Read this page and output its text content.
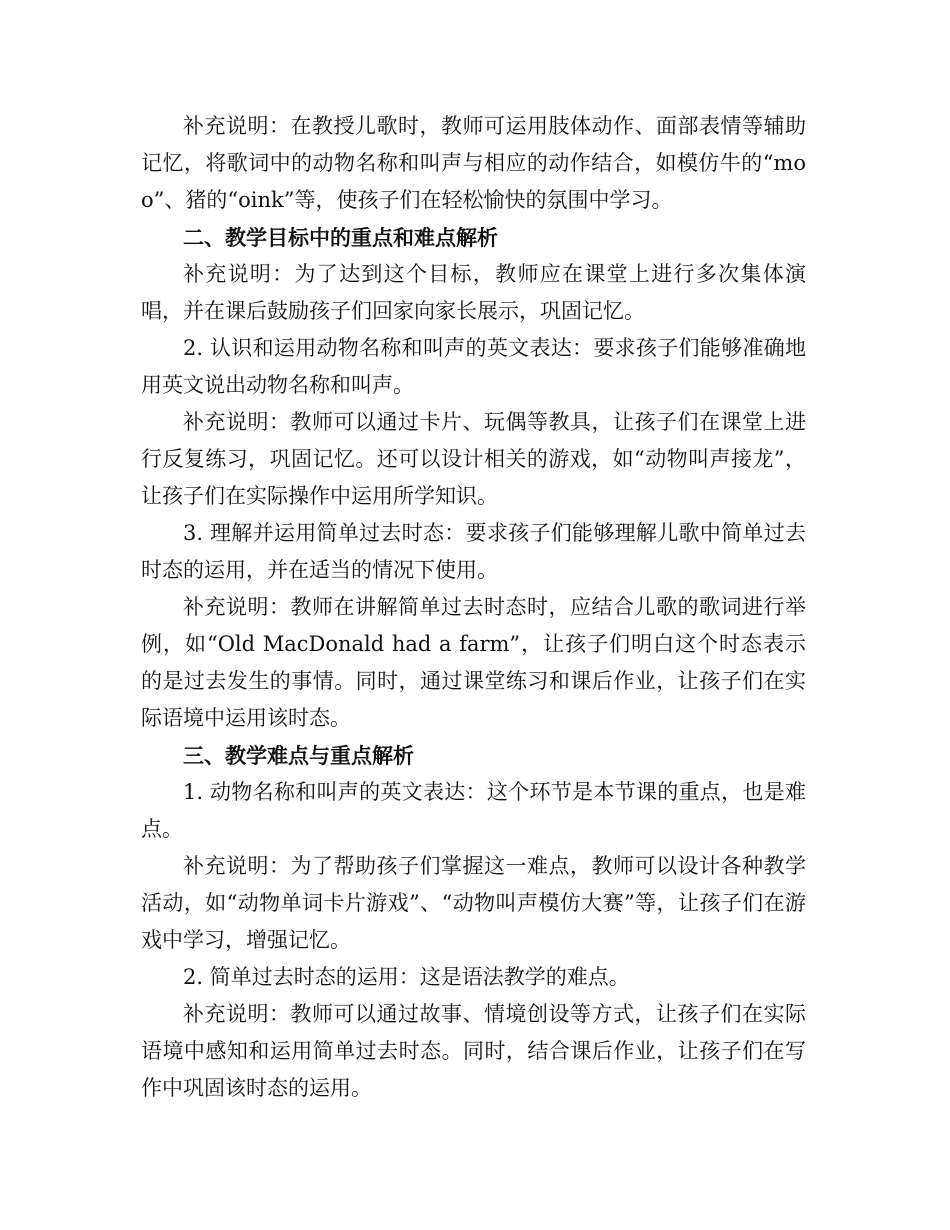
补充说明：在教授儿歌时，教师可运用肢体动作、面部表情等辅助记忆，将歌词中的动物名称和叫声与相应的动作结合，如模仿牛的“moo”、猪的“oink”等，使孩子们在轻松愉快的氛围中学习。

二、教学目标中的重点和难点解析

补充说明：为了达到这个目标，教师应在课堂上进行多次集体演唱，并在课后鼓励孩子们回家向家长展示，巩固记忆。

2. 认识和运用动物名称和叫声的英文表达：要求孩子们能够准确地用英文说出动物名称和叫声。

补充说明：教师可以通过卡片、玩偶等教具，让孩子们在课堂上进行反复练习，巩固记忆。还可以设计相关的游戏，如“动物叫声接龙”，让孩子们在实际操作中运用所学知识。

3. 理解并运用简单过去时态：要求孩子们能够理解儿歌中简单过去时态的运用，并在适当的情况下使用。

补充说明：教师在讲解简单过去时态时，应结合儿歌的歌词进行举例，如“Old MacDonald had a farm”，让孩子们明白这个时态表示的是过去发生的事情。同时，通过课堂练习和课后作业，让孩子们在实际语境中运用该时态。

三、教学难点与重点解析

1. 动物名称和叫声的英文表达：这个环节是本节课的重点，也是难点。

补充说明：为了帮助孩子们掌握这一难点，教师可以设计各种教学活动，如“动物单词卡片游戏”、“动物叫声模仿大赛”等，让孩子们在游戏中学习，增强记忆。

2. 简单过去时态的运用：这是语法教学的难点。

补充说明：教师可以通过故事、情境创设等方式，让孩子们在实际语境中感知和运用简单过去时态。同时，结合课后作业，让孩子们在写作中巩固该时态的运用。
